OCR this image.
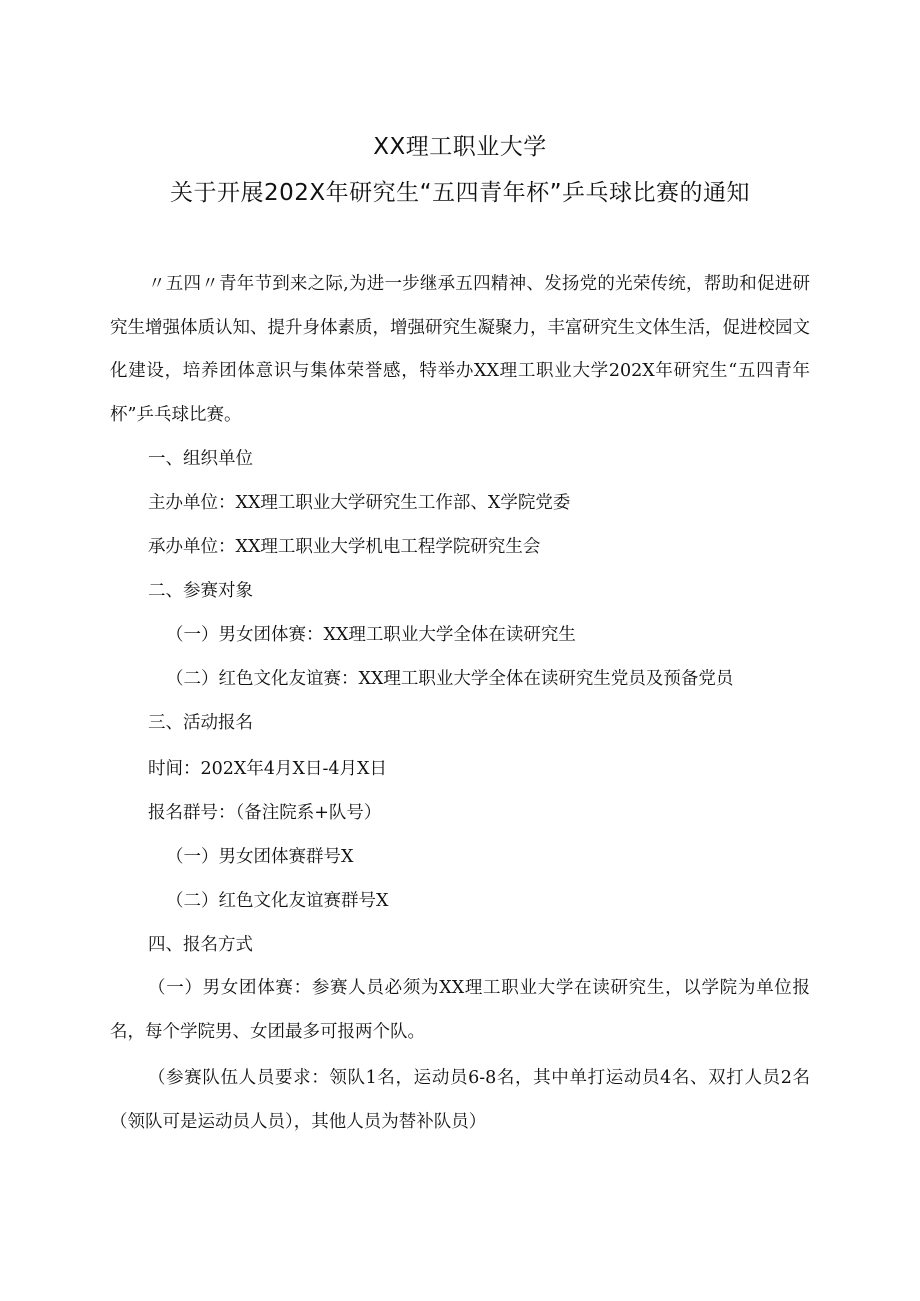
XX理工职业大学
关于开展202X年研究生“五四青年杯”乒乓球比赛的通知

〃五四〃青年节到来之际,为进一步继承五四精神、发扬党的光荣传统，帮助和促进研究生增强体质认知、提升身体素质，增强研究生凝聚力，丰富研究生文体生活，促进校园文化建设，培养团体意识与集体荣誉感，特举办XX理工职业大学202X年研究生“五四青年杯”乒乓球比赛。

一、组织单位
主办单位：XX理工职业大学研究生工作部、X学院党委
承办单位：XX理工职业大学机电工程学院研究生会
二、参赛对象
（一）男女团体赛：XX理工职业大学全体在读研究生
（二）红色文化友谊赛：XX理工职业大学全体在读研究生党员及预备党员
三、活动报名
时间：202X年4月X日-4月X日
报名群号：（备注院系+队号）
（一）男女团体赛群号X
（二）红色文化友谊赛群号X
四、报名方式

（一）男女团体赛：参赛人员必须为XX理工职业大学在读研究生，以学院为单位报名，每个学院男、女团最多可报两个队。

（参赛队伍人员要求：领队1名，运动员6-8名，其中单打运动员4名、双打人员2名（领队可是运动员人员），其他人员为替补队员）
